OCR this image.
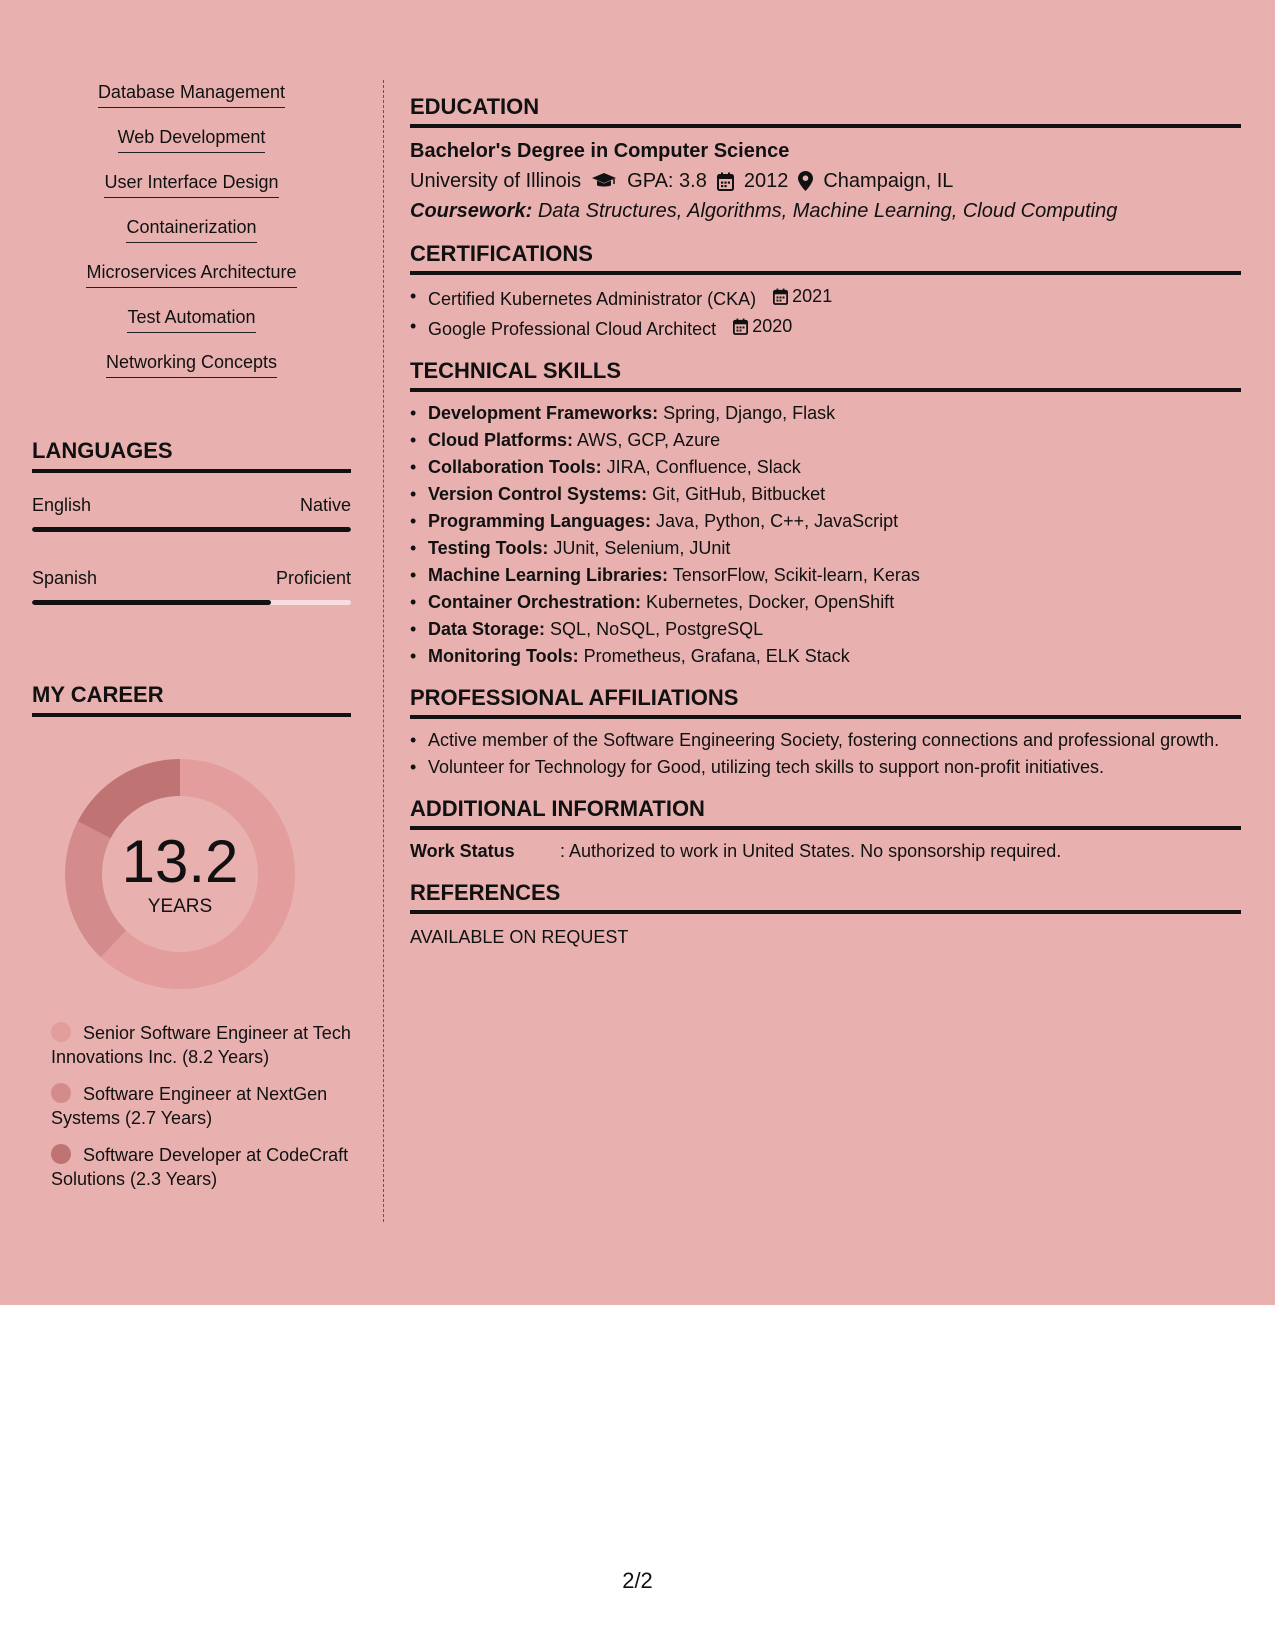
Database Management
Web Development
User Interface Design
Containerization
Microservices Architecture
Test Automation
Networking Concepts
LANGUAGES
English	Native
Spanish	Proficient
MY CAREER
13.2
YEARS
Senior Software Engineer at Tech Innovations Inc. (8.2 Years)
Software Engineer at NextGen Systems (2.7 Years)
Software Developer at CodeCraft Solutions (2.3 Years)
EDUCATION
Bachelor's Degree in Computer Science
University of Illinois GPA: 3.8 2012 Champaign, IL
Coursework: Data Structures, Algorithms, Machine Learning, Cloud Computing
CERTIFICATIONS
• Certified Kubernetes Administrator (CKA) 2021
• Google Professional Cloud Architect 2020
TECHNICAL SKILLS
• Development Frameworks: Spring, Django, Flask
• Cloud Platforms: AWS, GCP, Azure
• Collaboration Tools: JIRA, Confluence, Slack
• Version Control Systems: Git, GitHub, Bitbucket
• Programming Languages: Java, Python, C++, JavaScript
• Testing Tools: JUnit, Selenium, JUnit
• Machine Learning Libraries: TensorFlow, Scikit-learn, Keras
• Container Orchestration: Kubernetes, Docker, OpenShift
• Data Storage: SQL, NoSQL, PostgreSQL
• Monitoring Tools: Prometheus, Grafana, ELK Stack
PROFESSIONAL AFFILIATIONS
• Active member of the Software Engineering Society, fostering connections and professional growth.
• Volunteer for Technology for Good, utilizing tech skills to support non-profit initiatives.
ADDITIONAL INFORMATION
Work Status	: Authorized to work in United States. No sponsorship required.
REFERENCES
AVAILABLE ON REQUEST
2/2
